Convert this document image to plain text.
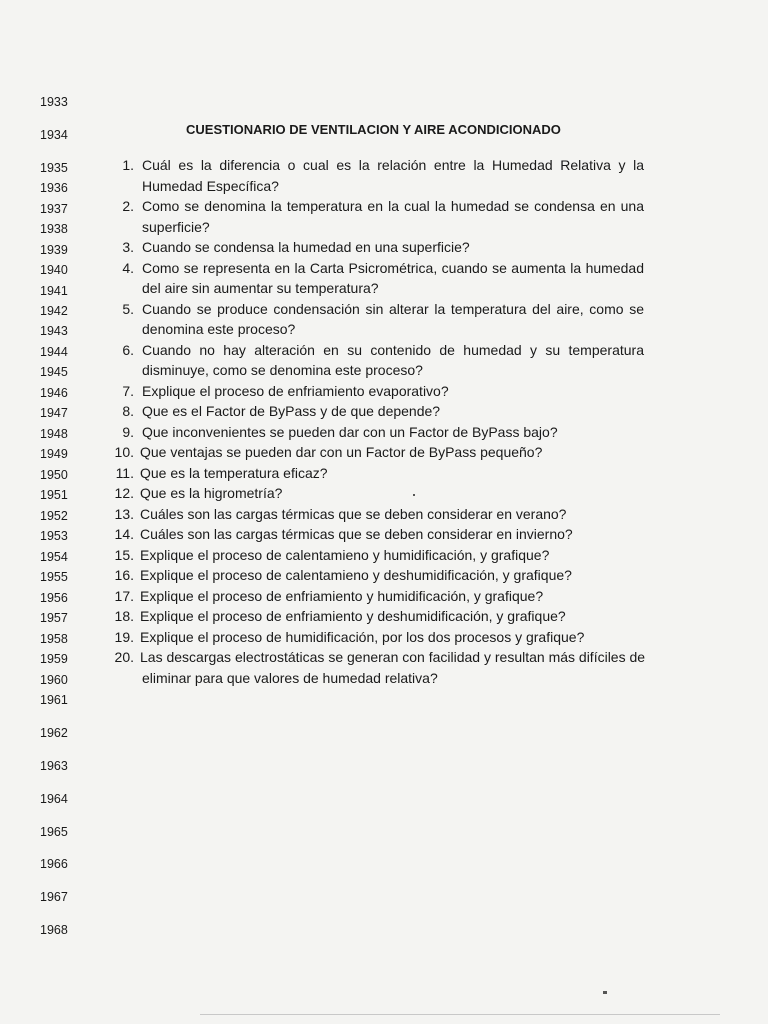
1933
1934
1935
1936
1937
1938
1939
1940
1941
1942
1943
1944
1945
1946
1947
1948
1949
1950
1951
1952
1953
1954
1955
1956
1957
1958
1959
1960
1961
1962
1963
1964
1965
1966
1967
1968
CUESTIONARIO DE VENTILACION Y AIRE ACONDICIONADO
1. Cuál es la diferencia o cual es la relación entre la Humedad Relativa y la
Humedad Específica?
2. Como se denomina la temperatura en la cual la humedad se condensa en una
superficie?
3. Cuando se condensa la humedad en una superficie?
4. Como se representa en la Carta Psicrométrica, cuando se aumenta la humedad
del aire sin aumentar su temperatura?
5. Cuando se produce condensación sin alterar la temperatura del aire, como se
denomina este proceso?
6. Cuando no hay alteración en su contenido de humedad y su temperatura
disminuye, como se denomina este proceso?
7. Explique el proceso de enfriamiento evaporativo?
8. Que es el Factor de ByPass y de que depende?
9. Que inconvenientes se pueden dar con un Factor de ByPass bajo?
10. Que ventajas se pueden dar con un Factor de ByPass pequeño?
11. Que es la temperatura eficaz?
12. Que es la higrometría?
13. Cuáles son las cargas térmicas que se deben considerar en verano?
14. Cuáles son las cargas térmicas que se deben considerar en invierno?
15. Explique el proceso de calentamieno y humidificación, y grafique?
16. Explique el proceso de calentamieno y deshumidificación, y grafique?
17. Explique el proceso de enfriamiento y humidificación, y grafique?
18. Explique el proceso de enfriamiento y deshumidificación, y grafique?
19. Explique el proceso de humidificación, por los dos procesos y grafique?
20. Las descargas electrostáticas se generan con facilidad y resultan más difíciles de
eliminar para que valores de humedad relativa?
